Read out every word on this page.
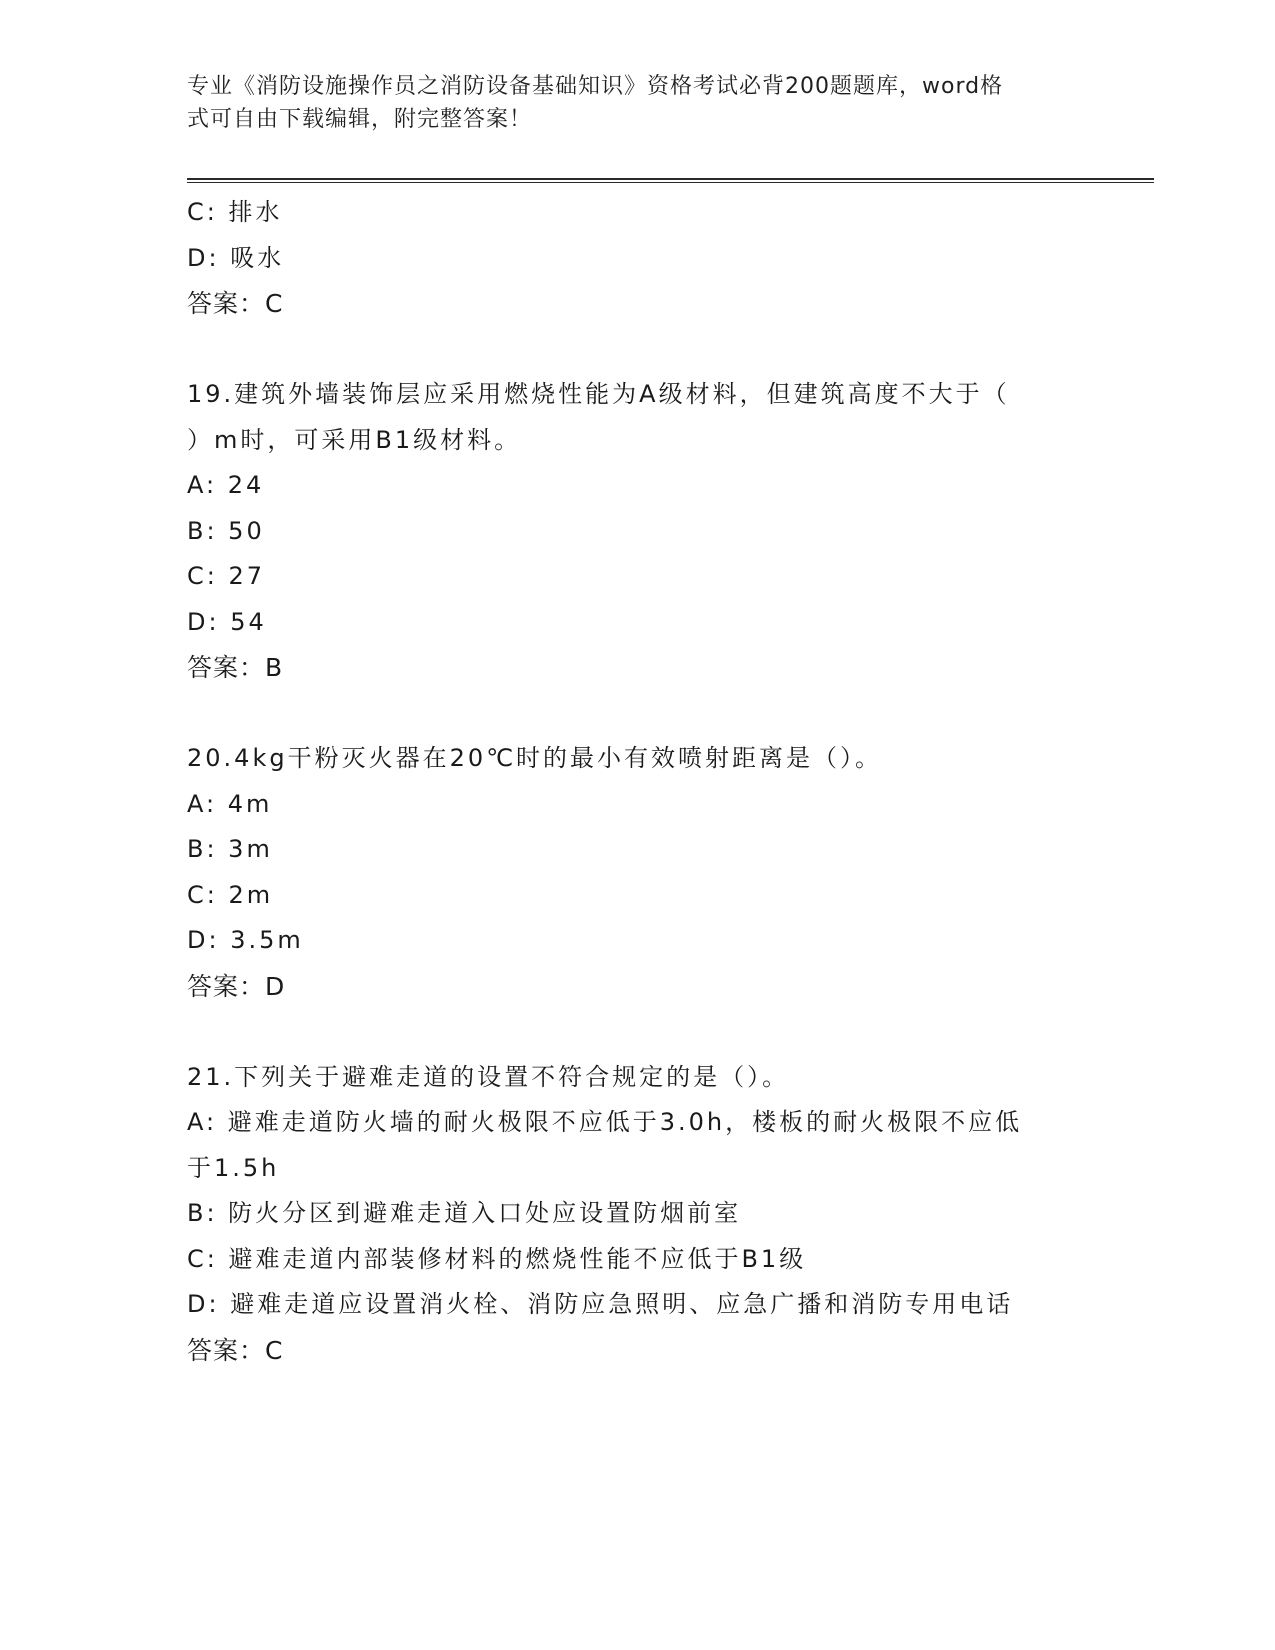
专业《消防设施操作员之消防设备基础知识》资格考试必背200题题库，word格
式可自由下载编辑，附完整答案！
C: 排水
D: 吸水
答案：C
19.建筑外墙装饰层应采用燃烧性能为A级材料，但建筑高度不大于（
）m时，可采用B1级材料。
A: 24
B: 50
C: 27
D: 54
答案：B
20.4kg干粉灭火器在20℃时的最小有效喷射距离是（）。
A: 4m
B: 3m
C: 2m
D: 3.5m
答案：D
21.下列关于避难走道的设置不符合规定的是（）。
A: 避难走道防火墙的耐火极限不应低于3.0h，楼板的耐火极限不应低
于1.5h
B: 防火分区到避难走道入口处应设置防烟前室
C: 避难走道内部装修材料的燃烧性能不应低于B1级
D: 避难走道应设置消火栓、消防应急照明、应急广播和消防专用电话
答案：C
